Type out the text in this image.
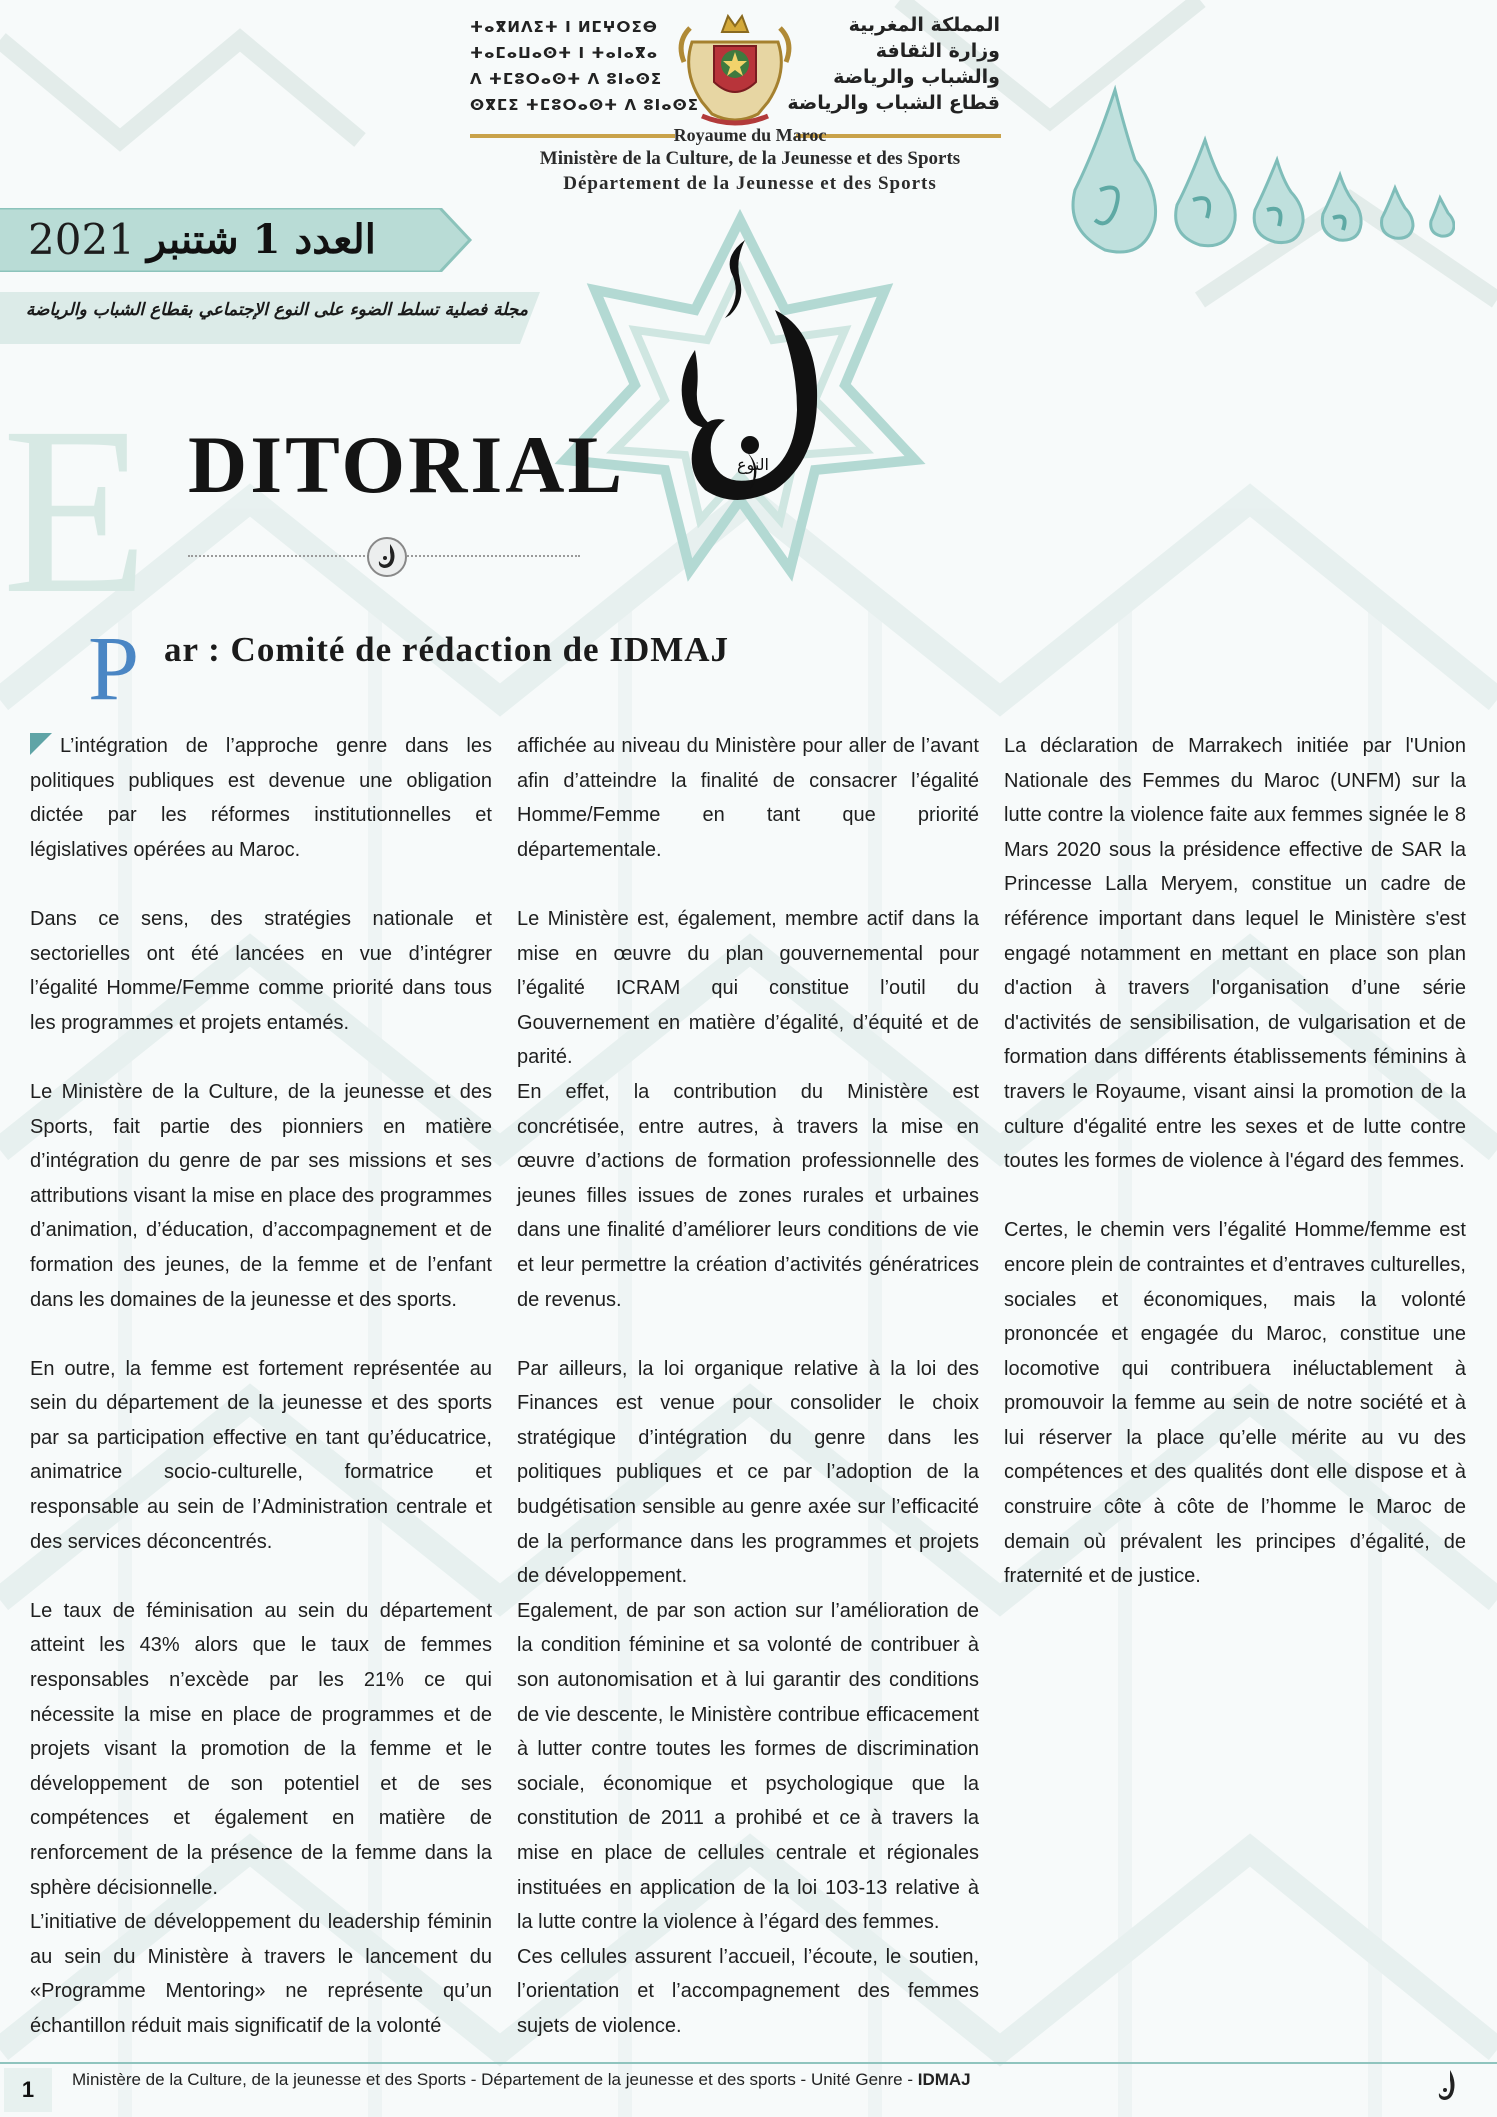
ⵜⴰⴳⵍⴷⵉⵜ ⵏ ⵍⵎⵖⵔⵉⴱ
ⵜⴰⵎⴰⵡⴰⵙⵜ ⵏ ⵜⴰⵏⴰⴳⴰ
ⴷ ⵜⵎⵓⵔⴰⵙⵜ ⴷ ⵓⵏⴰⵙⵉ
ⵙⴳⵎⵉ ⵜⵎⵓⵔⴰⵙⵜ ⴷ ⵓⵏⴰⵙⵉ
المملكة المغربية
وزارة الثقافة
والشباب والرياضة
قطاع الشباب والرياضة
Royaume du Maroc
Ministère de la Culture, de la Jeunesse et des Sports
Département de la Jeunesse et des Sports
2021 العدد 1 شتنبر
مجلة فصلية تسلط الضوء على النوع الإجتماعي بقطاع الشباب والرياضة
النوع
E DITORIAL
P ar : Comité de rédaction de IDMAJ

L’intégration de l’approche genre dans les politiques publiques est devenue une obligation dictée par les réformes institutionnelles et législatives opérées au Maroc.

Dans ce sens, des stratégies nationale et sectorielles ont été lancées en vue d’intégrer l’égalité Homme/Femme comme priorité dans tous les programmes et projets entamés.

Le Ministère de la Culture, de la jeunesse et des Sports, fait partie des pionniers en matière d’intégration du genre de par ses missions et ses attributions visant la mise en place des programmes d’animation, d’éducation, d’accompagnement et de formation des jeunes, de la femme et de l’enfant dans les domaines de la jeunesse et des sports.

En outre, la femme est fortement représentée au sein du département de la jeunesse et des sports par sa participation effective en tant qu’éducatrice, animatrice socio-culturelle, formatrice et responsable au sein de l’Administration centrale et des services déconcentrés.

Le taux de féminisation au sein du département atteint les 43% alors que le taux de femmes responsables n’excède par les 21% ce qui nécessite la mise en place de programmes et de projets visant la promotion de la femme et le développement de son potentiel et de ses compétences et également en matière de renforcement de la présence de la femme dans la sphère décisionnelle.

L’initiative de développement du leadership féminin au sein du Ministère à travers le lancement du «Programme Mentoring» ne représente qu’un échantillon réduit mais significatif de la volonté

affichée au niveau du Ministère pour aller de l’avant afin d’atteindre la finalité de consacrer l’égalité Homme/Femme en tant que priorité départementale.

Le Ministère est, également, membre actif dans la mise en œuvre du plan gouvernemental pour l’égalité ICRAM qui constitue l’outil du Gouvernement en matière d’égalité, d’équité et de parité.

En effet, la contribution du Ministère est concrétisée, entre autres, à travers la mise en œuvre d’actions de formation professionnelle des jeunes filles issues de zones rurales et urbaines dans une finalité d’améliorer leurs conditions de vie et leur permettre la création d’activités génératrices de revenus.

Par ailleurs, la loi organique relative à la loi des Finances est venue pour consolider le choix stratégique d’intégration du genre dans les politiques publiques et ce par l’adoption de la budgétisation sensible au genre axée sur l’efficacité de la performance dans les programmes et projets de développement.

Egalement, de par son action sur l’amélioration de la condition féminine et sa volonté de contribuer à son autonomisation et à lui garantir des conditions de vie descente, le Ministère contribue efficacement à lutter contre toutes les formes de discrimination sociale, économique et psychologique que la constitution de 2011 a prohibé et ce à travers la mise en place de cellules centrale et régionales instituées en application de la loi 103-13 relative à la lutte contre la violence à l’égard des femmes.

Ces cellules assurent l’accueil, l’écoute, le soutien, l’orientation et l’accompagnement des femmes sujets de violence.

La déclaration de Marrakech initiée par l'Union Nationale des Femmes du Maroc (UNFM) sur la lutte contre la violence faite aux femmes signée le 8 Mars 2020 sous la présidence effective de SAR la Princesse Lalla Meryem, constitue un cadre de référence important dans lequel le Ministère s'est engagé notamment en mettant en place son plan d'action à travers l'organisation d’une série d'activités de sensibilisation, de vulgarisation et de formation dans différents établissements féminins à travers le Royaume, visant ainsi la promotion de la culture d'égalité entre les sexes et de lutte contre toutes les formes de violence à l'égard des femmes.

Certes, le chemin vers l’égalité Homme/femme est encore plein de contraintes et d’entraves culturelles, sociales et économiques, mais la volonté prononcée et engagée du Maroc, constitue une locomotive qui contribuera inéluctablement à promouvoir la femme au sein de notre société et à lui réserver la place qu’elle mérite au vu des compétences et des qualités dont elle dispose et à construire côte à côte de l’homme le Maroc de demain où prévalent les principes d’égalité, de fraternité et de justice.

1	Ministère de la Culture, de la jeunesse et des Sports - Département de la jeunesse et des sports - Unité Genre - IDMAJ
